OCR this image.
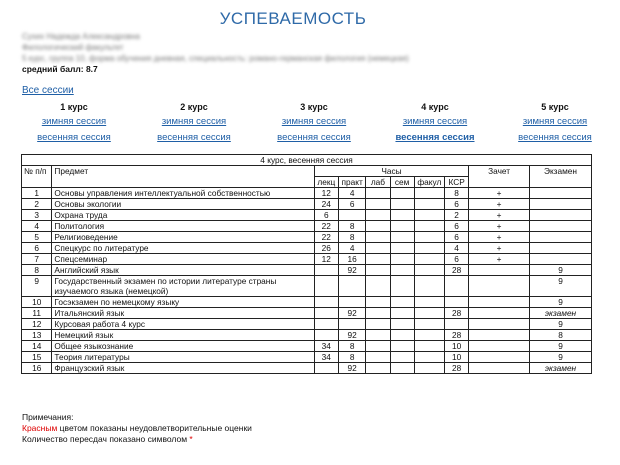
УСПЕВАЕМОСТЬ
Сухих Надежда Александровна
Филологический факультет
5 курс, группа 10, форма обучения дневная, специальность: романо-германская филология (немецкая)
средний балл: 8.7
Все сессии
1 курс
зимняя сессия
весенняя сессия
2 курс
зимняя сессия
весенняя сессия
3 курс
зимняя сессия
весенняя сессия
4 курс
зимняя сессия
весенняя сессия
5 курс
зимняя сессия
весенняя сессия
4 курс, весенняя сессия									
№ п/п	Предмет	Часы						Зачет	Экзамен
		лекц	практ	лаб	сем	факул	КСР		
1	Основы управления интеллектуальной собственностью	12	4				8	+	
2	Основы экологии	24	6				6	+	
3	Охрана труда	6					2	+	
4	Политология	22	8				6	+	
5	Религиоведение	22	8				6	+	
6	Спецкурс по литературе	26	4				4	+	
7	Спецсеминар	12	16				6	+	
8	Английский язык		92				28		9
9	Государственный экзамен по истории литературе страны изучаемого языка (немецкой)								9
10	Госэкзамен по немецкому языку								9
11	Итальянский язык		92				28		экзамен
12	Курсовая работа 4 курс								9
13	Немецкий язык		92				28		8
14	Общее языкознание	34	8				10		9
15	Теория литературы	34	8				10		9
16	Французский язык		92				28		экзамен
Примечания:
Красным цветом показаны неудовлетворительные оценки
Количество пересдач показано символом *
